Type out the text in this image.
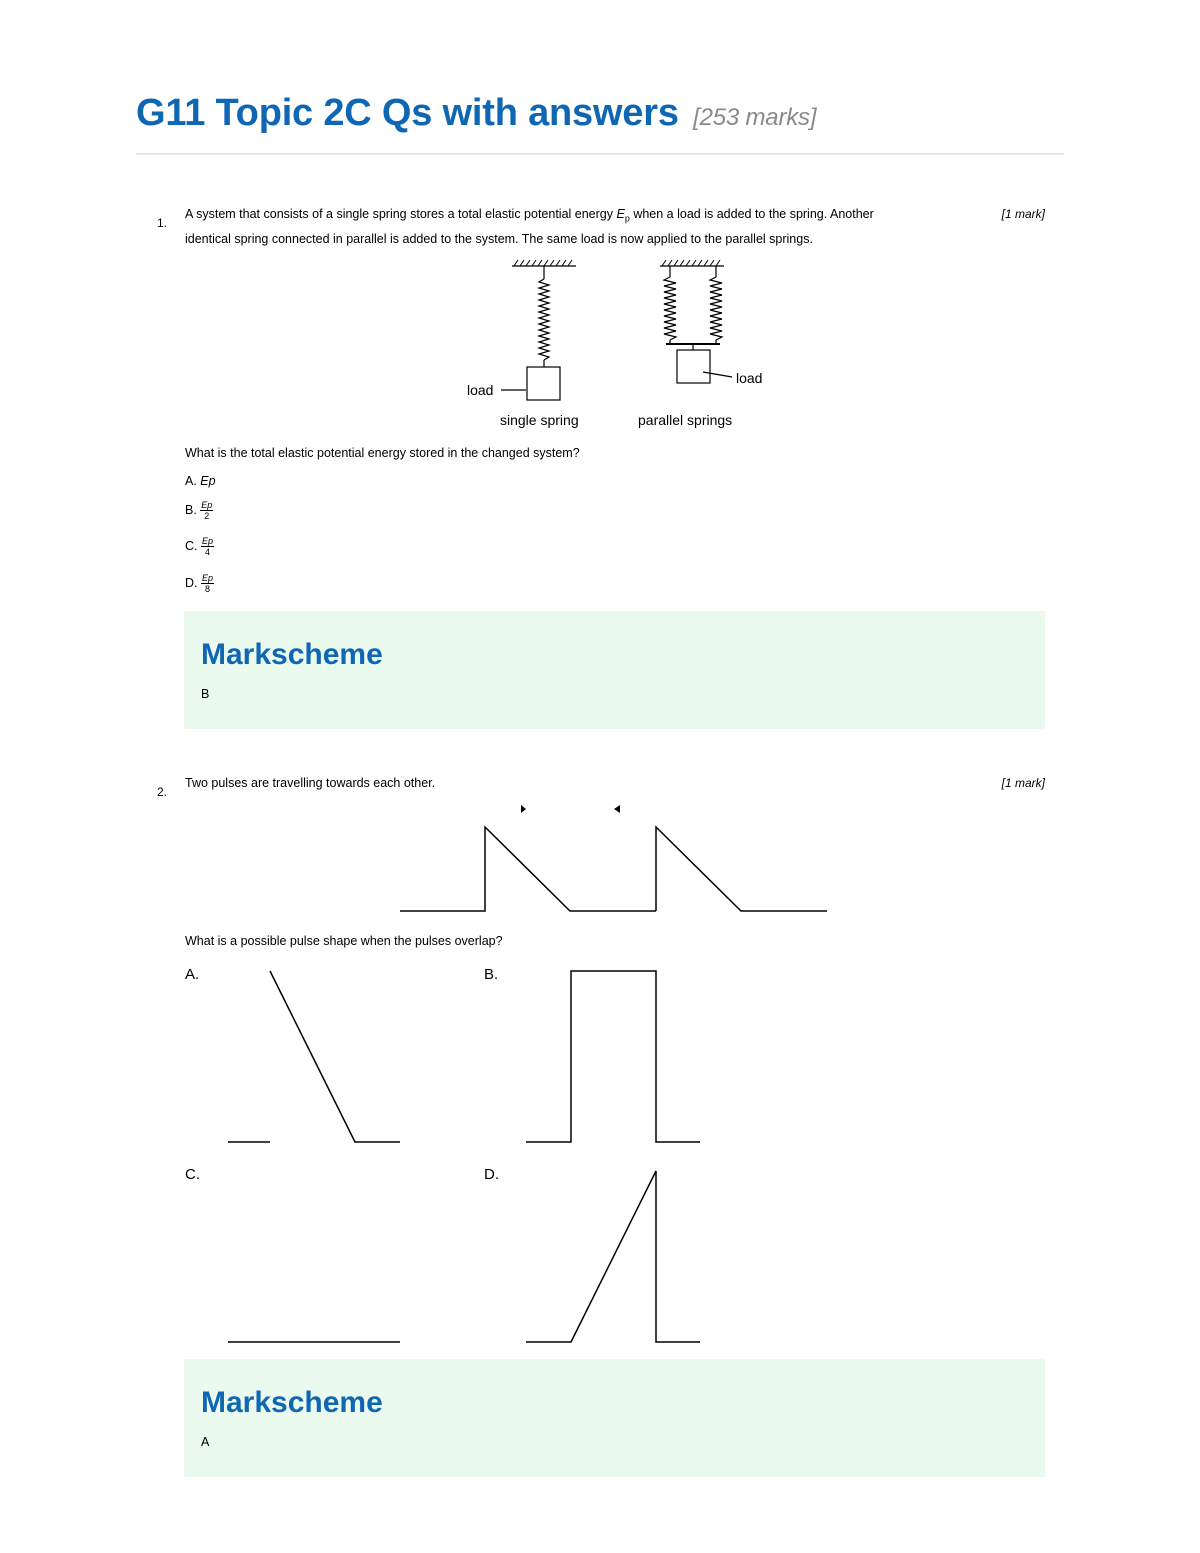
G11 Topic 2C Qs with answers [253 marks]
1.
A system that consists of a single spring stores a total elastic potential energy $E_p$ when a load is added to the spring. Another
identical spring connected in parallel is added to the system. The same load is now applied to the parallel springs.
[1 mark]
load
load
single spring	parallel springs
What is the total elastic potential energy stored in the changed system?
A. Ep
B. $\frac{Ep}{2}$
C. $\frac{Ep}{4}$
D. $\frac{Ep}{8}$
Markscheme
B
2.
Two pulses are travelling towards each other.	[1 mark]
What is a possible pulse shape when the pulses overlap?
A.	B.
C.	D.
Markscheme
A
